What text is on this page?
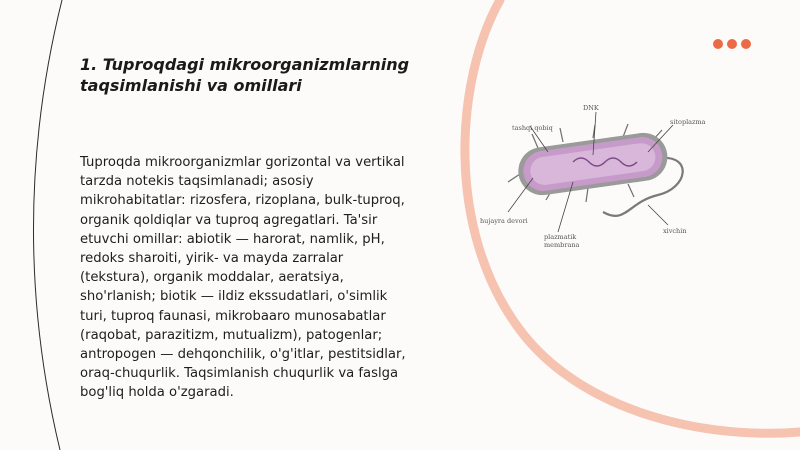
1. Tuproqdagi mikroorganizmlarning
taqsimlanishi va omillari

Tuproqda mikroorganizmlar gorizontal va vertikal tarzda notekis taqsimlanadi; asosiy mikrohabitatlar: rizosfera, rizoplana, bulk-tuproq, organik qoldiqlar va tuproq agregatlari. Ta'sir etuvchi omillar: abiotik — harorat, namlik, pH, redoks sharoiti, yirik- va mayda zarralar (tekstura), organik moddalar, aeratsiya, sho'rlanish; biotik — ildiz ekssudatlari, o'simlik turi, tuproq faunasi, mikrobaaro munosabatlar (raqobat, parazitizm, mutualizm), patogenlar; antropogen — dehqonchilik, o'g'itlar, pestitsidlar, oraq-chuqurlik. Taqsimlanish chuqurlik va faslga bog'liq holda o'zgaradi.

DNK
tashqi qobiq
sitoplazma
hujayra devori
plazmatik
membrana
xivchin
